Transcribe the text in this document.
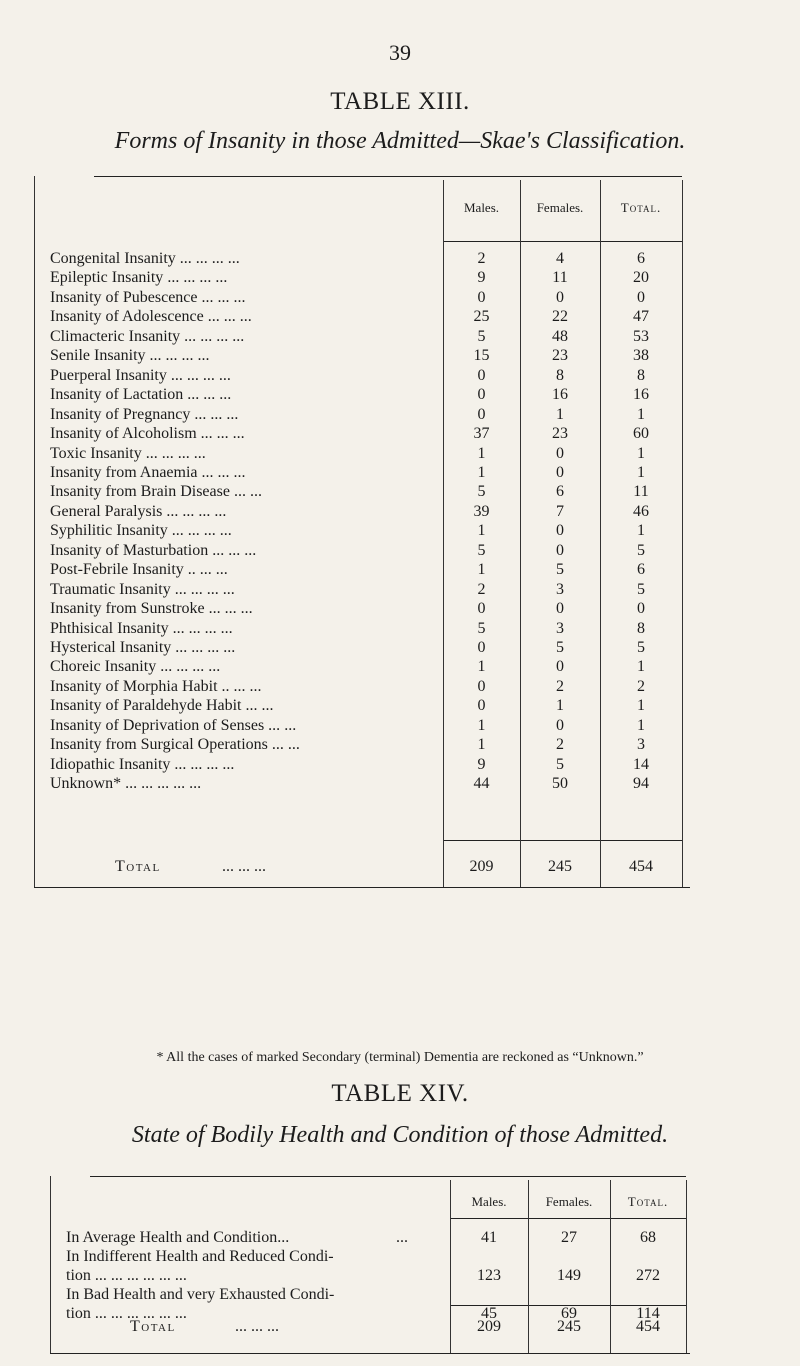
39
TABLE XIII.
Forms of Insanity in those Admitted—Skae's Classification.
Males.	Females.	Total.
Congenital Insanity ... ... ... ...	2	4	6
Epileptic Insanity ... ... ... ...	9	11	20
Insanity of Pubescence ... ... ...	0	0	0
Insanity of Adolescence ... ... ...	25	22	47
Climacteric Insanity ... ... ... ...	5	48	53
Senile Insanity ... ... ... ...	15	23	38
Puerperal Insanity ... ... ... ...	0	8	8
Insanity of Lactation ... ... ...	0	16	16
Insanity of Pregnancy ... ... ...	0	1	1
Insanity of Alcoholism ... ... ...	37	23	60
Toxic Insanity ... ... ... ...	1	0	1
Insanity from Anaemia ... ... ...	1	0	1
Insanity from Brain Disease ... ...	5	6	11
General Paralysis ... ... ... ...	39	7	46
Syphilitic Insanity ... ... ... ...	1	0	1
Insanity of Masturbation ... ... ...	5	0	5
Post-Febrile Insanity .. ... ...	1	5	6
Traumatic Insanity ... ... ... ...	2	3	5
Insanity from Sunstroke ... ... ...	0	0	0
Phthisical Insanity ... ... ... ...	5	3	8
Hysterical Insanity ... ... ... ...	0	5	5
Choreic Insanity ... ... ... ...	1	0	1
Insanity of Morphia Habit .. ... ...	0	2	2
Insanity of Paraldehyde Habit ... ...	0	1	1
Insanity of Deprivation of Senses ... ...	1	0	1
Insanity from Surgical Operations ... ...	1	2	3
Idiopathic Insanity ... ... ... ...	9	5	14
Unknown* ... ... ... ... ...	44	50	94
Total	... ... ...	209	245	454
* All the cases of marked Secondary (terminal) Dementia are reckoned as “Unknown.”
TABLE XIV.
State of Bodily Health and Condition of those Admitted.
Males.	Females.	Total.
In Average Health and Condition...	...	41	27	68
In Indifferent Health and Reduced Condi-
tion ... ... ... ... ... ...	123	149	272
In Bad Health and very Exhausted Condi-
tion ... ... ... ... ... ...	45	69	114
Total	... ... ...	209	245	454
